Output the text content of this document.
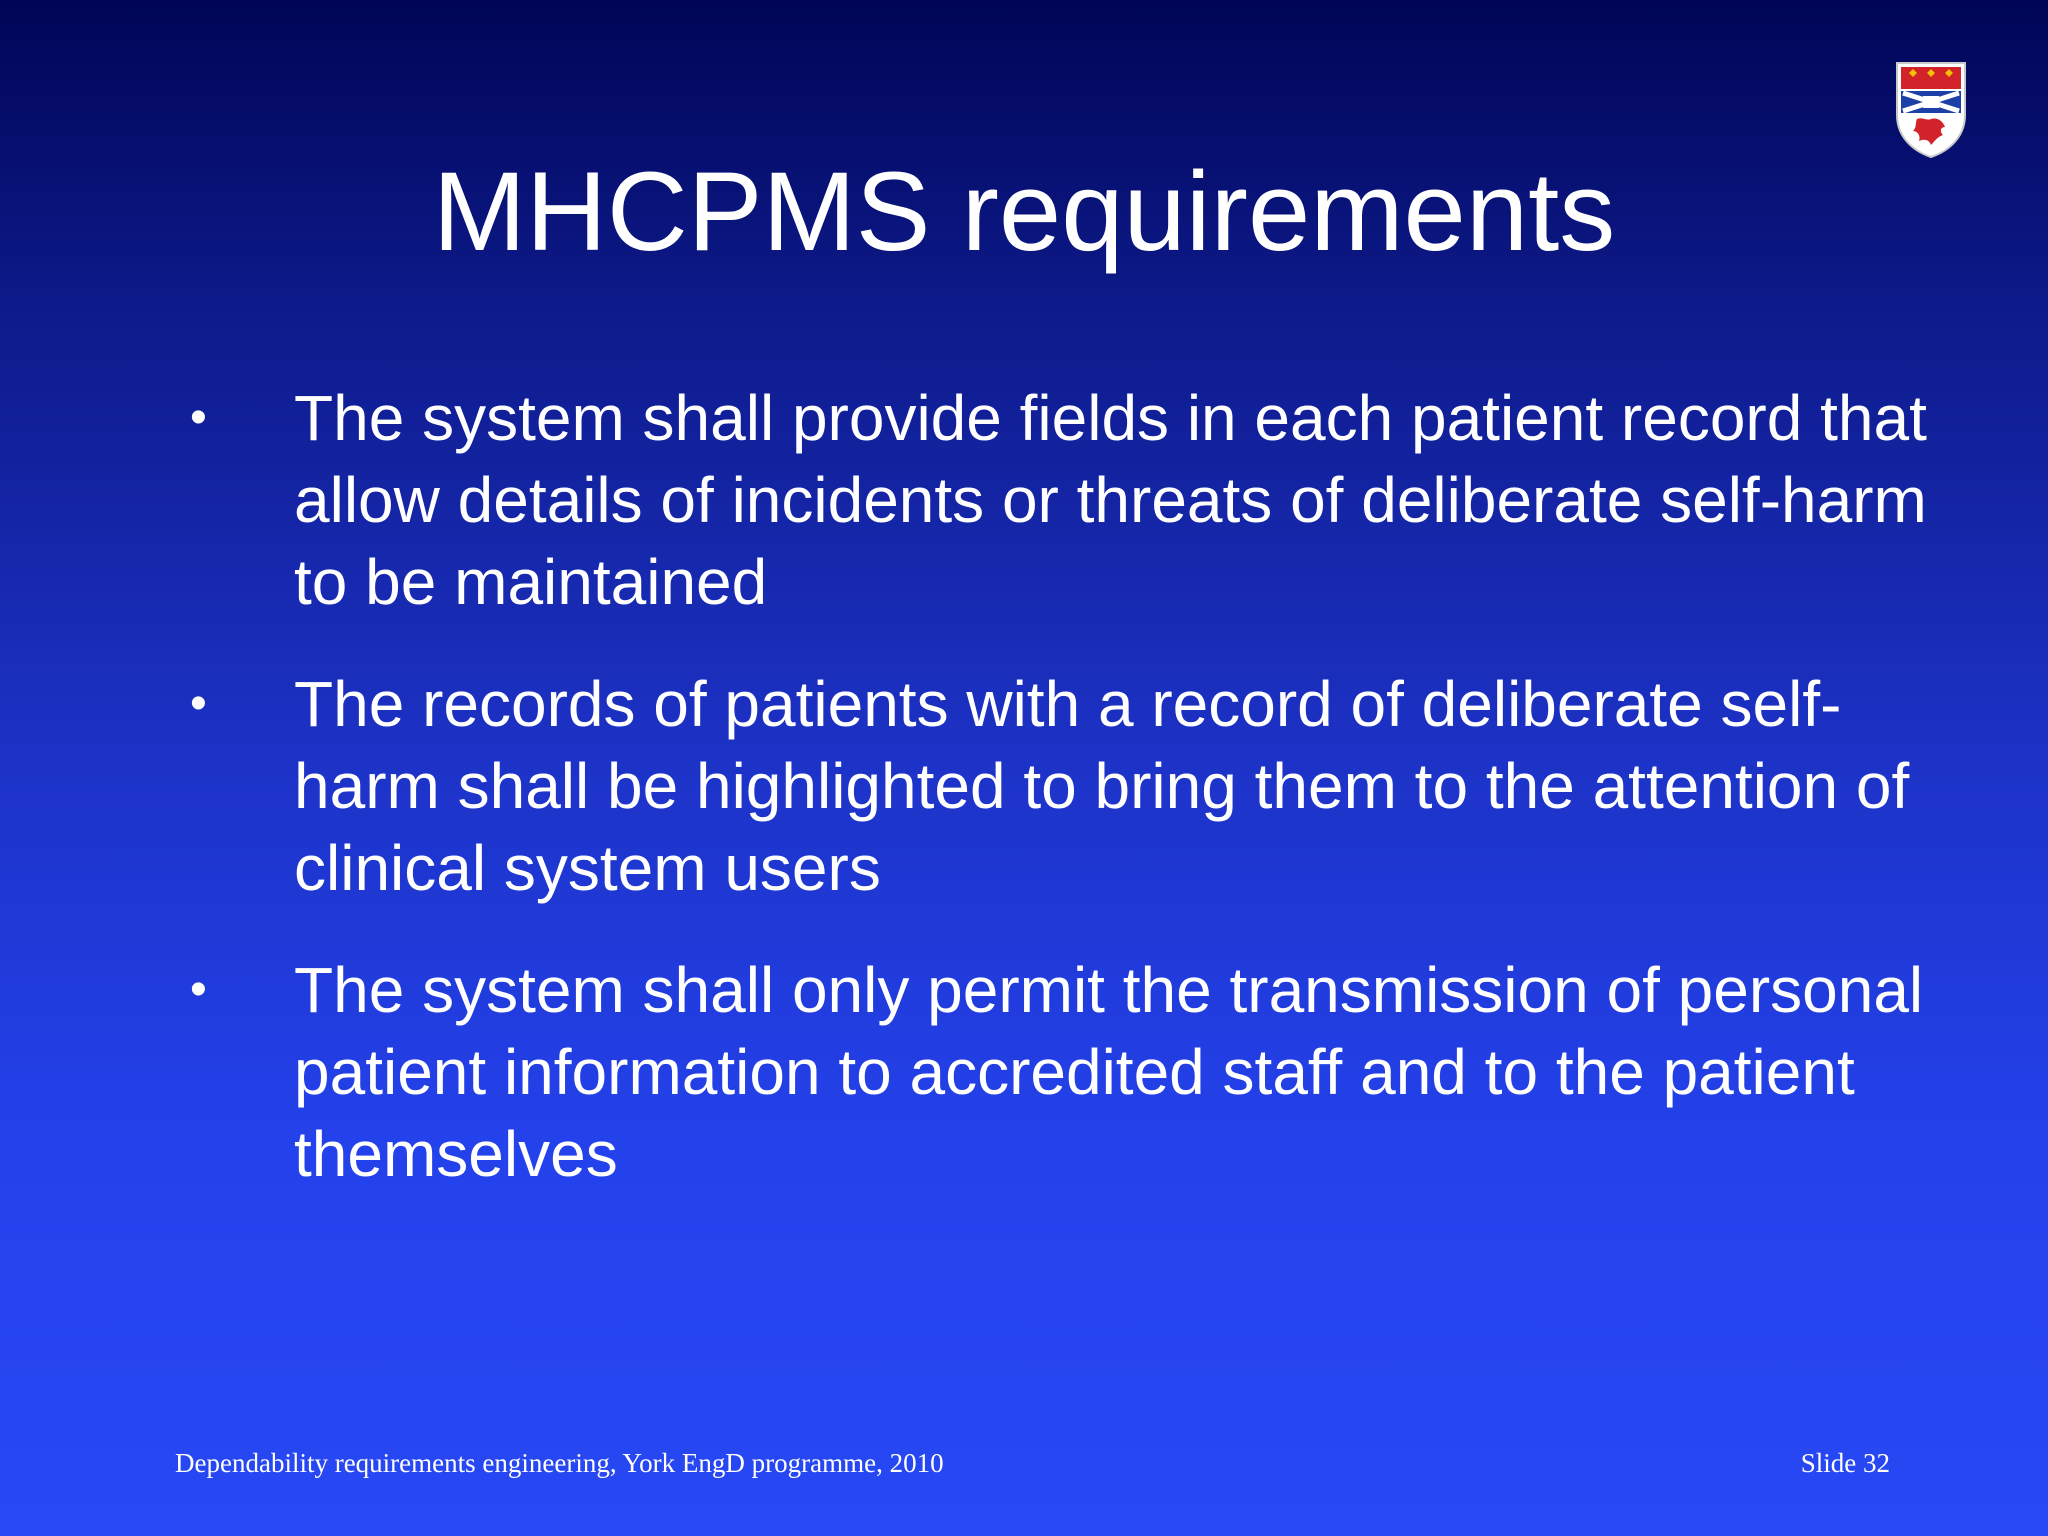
MHCPMS requirements
• The system shall provide fields in each patient record that allow details of incidents or threats of deliberate self-harm to be maintained
• The records of patients with a record of deliberate self-harm shall be highlighted to bring them to the attention of clinical system users
• The system shall only permit the transmission of personal patient information to accredited staff and to the patient themselves
Dependability requirements engineering, York EngD programme, 2010	Slide 32
